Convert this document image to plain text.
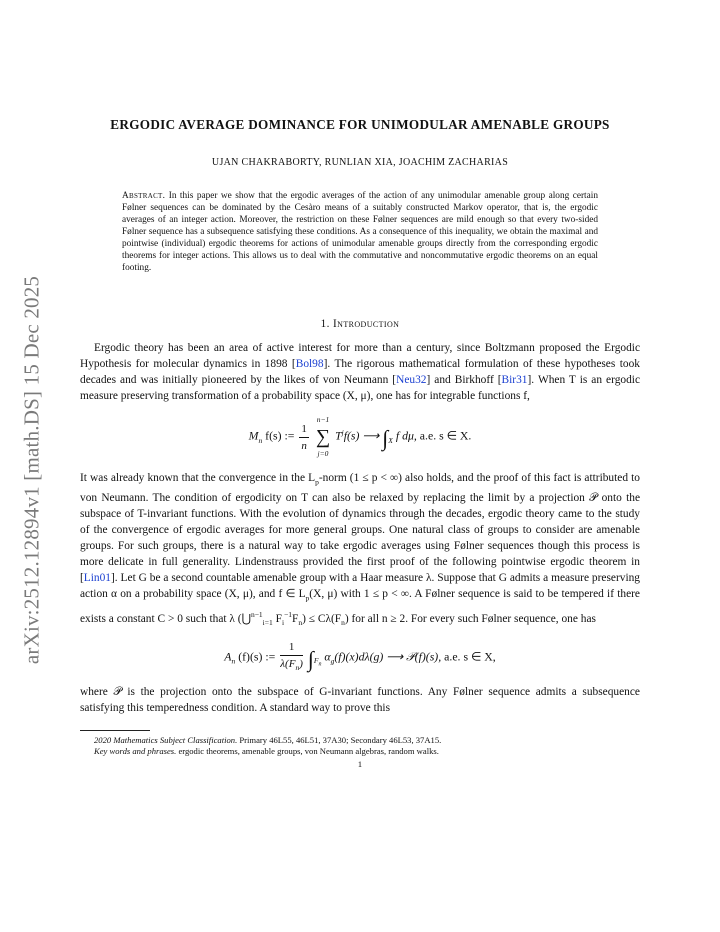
arXiv:2512.12894v1 [math.DS] 15 Dec 2025
ERGODIC AVERAGE DOMINANCE FOR UNIMODULAR AMENABLE GROUPS
UJAN CHAKRABORTY, RUNLIAN XIA, JOACHIM ZACHARIAS
Abstract. In this paper we show that the ergodic averages of the action of any unimodular amenable group along certain Følner sequences can be dominated by the Cesàro means of a suitably constructed Markov operator, that is, the ergodic averages of an integer action. Moreover, the restriction on these Følner sequences are mild enough so that every two-sided Følner sequence has a subsequence satisfying these conditions. As a consequence of this inequality, we obtain the maximal and pointwise (individual) ergodic theorems for actions of unimodular amenable groups directly from the corresponding ergodic theorems for integer actions. This allows us to deal with the commutative and noncommutative ergodic theorems on an equal footing.
1. Introduction

Ergodic theory has been an area of active interest for more than a century, since Boltzmann proposed the Ergodic Hypothesis for molecular dynamics in 1898 [Bol98]. The rigorous mathematical formulation of these hypotheses took decades and was initially pioneered by the likes of von Neumann [Neu32] and Birkhoff [Bir31]. When T is an ergodic measure preserving transformation of a probability space (X, μ), one has for integrable functions f,

$M_n$ f(s) := $\frac{1}{n}$

n−1
∑
j=0
$T^jf(s)$ ⟶ $\int_X$ f dμ, a.e. s ∈ X.

It was already known that the convergence in the $L_p$-norm (1 ≤ p < ∞) also holds, and the proof of this fact is attributed to von Neumann. The condition of ergodicity on T can also be relaxed by replacing the limit by a projection 𝒫 onto the subspace of T-invariant functions. With the evolution of dynamics through the decades, ergodic theory came to the study of the convergence of ergodic averages for more general groups. One natural class of groups to consider are amenable groups. For such groups, there is a natural way to take ergodic averages using Følner sequences though this process is more delicate in full generality. Lindenstrauss provided the first proof of the following pointwise ergodic theorem in [Lin01]. Let G be a second countable amenable group with a Haar measure λ. Suppose that G admits a measure preserving action α on a probability space (X, μ), and f ∈ $L_p(X$, μ) with 1 ≤ p < ∞. A Følner sequence is said to be tempered if there exists a constant C > 0 such that λ (⋃$^{n-1}_{i=1}$ $F_i^{-1}F_n) \le C\lambda(F_n)$ for all n ≥ 2. For every such Følner sequence, one has

$A_n$ (f)(s) := $\frac{1}{\lambda(F_n)} \int_{F_n}$ $\alpha_g(f)(x)d\lambda(g)$ ⟶ 𝒫(f)(s), a.e. s ∈ X,

where 𝒫 is the projection onto the subspace of G-invariant functions. Any Følner sequence admits a subsequence satisfying this temperedness condition. A standard way to prove this

2020 Mathematics Subject Classification. Primary 46L55, 46L51, 37A30; Secondary 46L53, 37A15.
Key words and phrases. ergodic theorems, amenable groups, von Neumann algebras, random walks.
1
